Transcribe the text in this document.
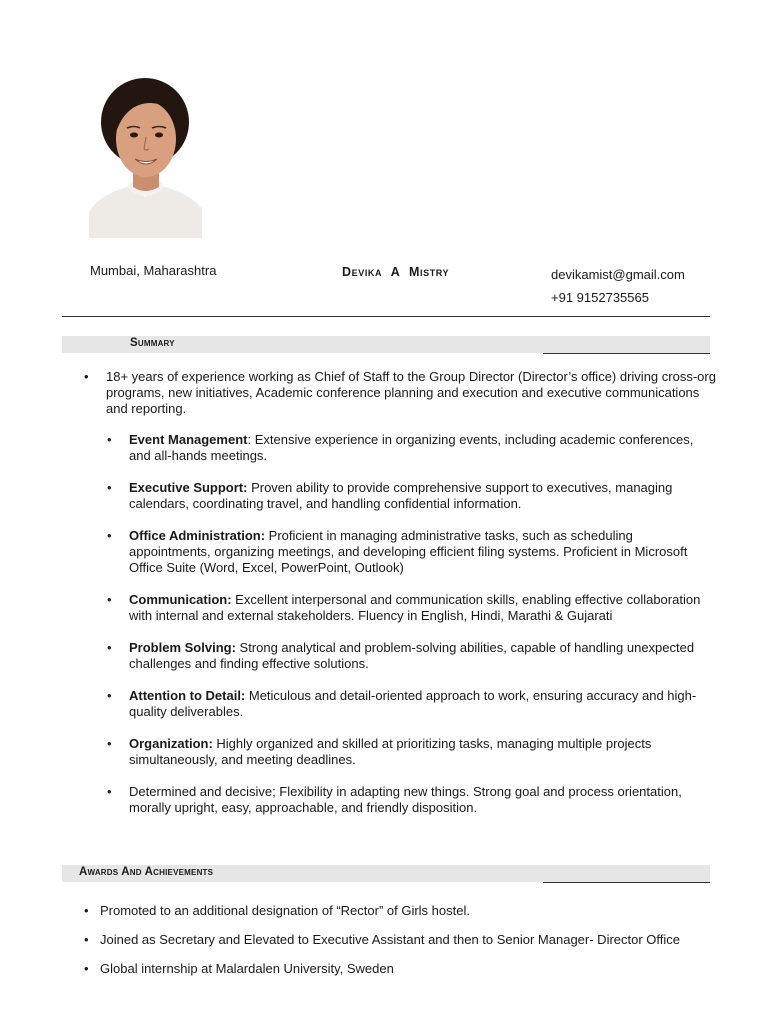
Mumbai, Maharashtra	Devika A Mistry	devikamist@gmail.com
+91 9152735565
Summary
• 18+ years of experience working as Chief of Staff to the Group Director (Director’s office) driving cross-org programs, new initiatives, Academic conference planning and execution and executive communications and reporting.
• Event Management: Extensive experience in organizing events, including academic conferences, and all-hands meetings.
• Executive Support: Proven ability to provide comprehensive support to executives, managing calendars, coordinating travel, and handling confidential information.
• Office Administration: Proficient in managing administrative tasks, such as scheduling appointments, organizing meetings, and developing efficient filing systems. Proficient in Microsoft Office Suite (Word, Excel, PowerPoint, Outlook)
• Communication: Excellent interpersonal and communication skills, enabling effective collaboration with internal and external stakeholders. Fluency in English, Hindi, Marathi & Gujarati
• Problem Solving: Strong analytical and problem-solving abilities, capable of handling unexpected challenges and finding effective solutions.
• Attention to Detail: Meticulous and detail-oriented approach to work, ensuring accuracy and high-quality deliverables.
• Organization: Highly organized and skilled at prioritizing tasks, managing multiple projects simultaneously, and meeting deadlines.
• Determined and decisive; Flexibility in adapting new things. Strong goal and process orientation, morally upright, easy, approachable, and friendly disposition.
Awards And Achievements
• Promoted to an additional designation of “Rector” of Girls hostel.
• Joined as Secretary and Elevated to Executive Assistant and then to Senior Manager- Director Office
• Global internship at Malardalen University, Sweden
